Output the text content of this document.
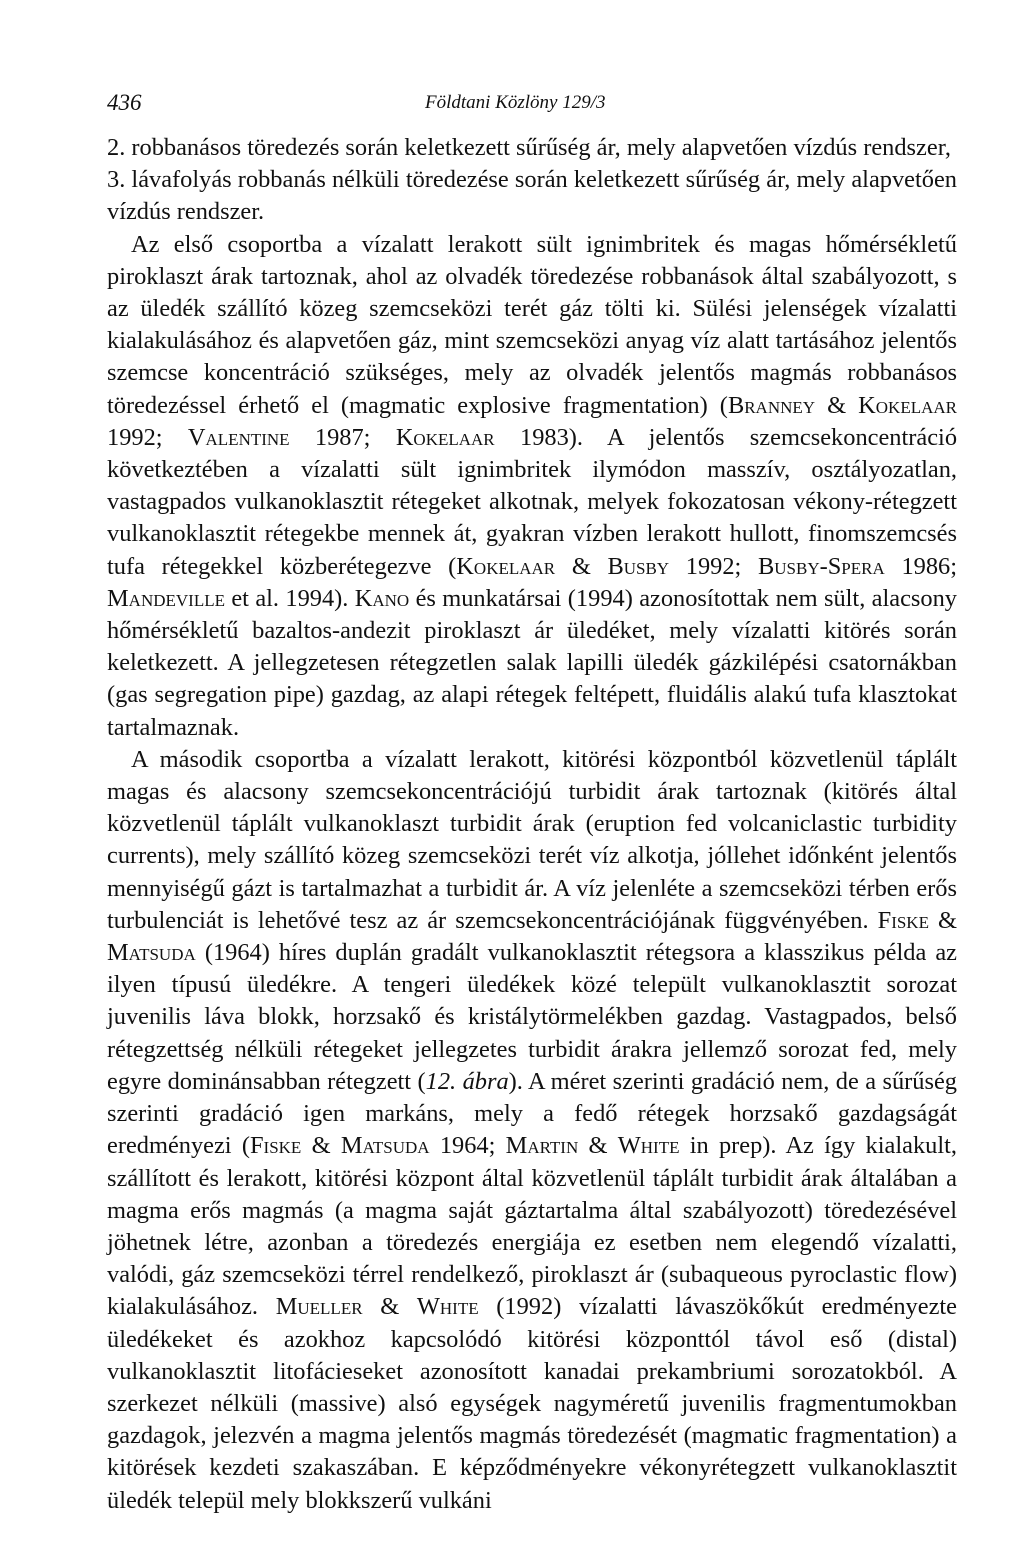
436	Földtani Közlöny 129/3

2. robbanásos töredezés során keletkezett sűrűség ár, mely alapvetően vízdús rendszer,

3. lávafolyás robbanás nélküli töredezése során keletkezett sűrűség ár, mely alapvetően vízdús rendszer.

Az első csoportba a vízalatt lerakott sült ignimbritek és magas hőmérsékletű piroklaszt árak tartoznak, ahol az olvadék töredezése robbanások által szabályozott, s az üledék szállító közeg szemcseközi terét gáz tölti ki. Sülési jelenségek vízalatti kialakulásához és alapvetően gáz, mint szemcseközi anyag víz alatt tartásához jelentős szemcse koncentráció szükséges, mely az olvadék jelentős magmás robbanásos töredezéssel érhető el (magmatic explosive fragmentation) (Branney & Kokelaar 1992; Valentine 1987; Kokelaar 1983). A jelentős szemcsekoncentráció következtében a vízalatti sült ignimbritek ilymódon masszív, osztályozatlan, vastagpados vulkanoklasztit rétegeket alkotnak, melyek fokozatosan vékony-rétegzett vulkanoklasztit rétegekbe mennek át, gyakran vízben lerakott hullott, finomszemcsés tufa rétegekkel közberétegezve (Kokelaar & Busby 1992; Busby-Spera 1986; Mandeville et al. 1994). Kano és munkatársai (1994) azonosítottak nem sült, alacsony hőmérsékletű bazaltos-andezit piroklaszt ár üledéket, mely vízalatti kitörés során keletkezett. A jellegzetesen rétegzetlen salak lapilli üledék gázkilépési csatornákban (gas segregation pipe) gazdag, az alapi rétegek feltépett, fluidális alakú tufa klasztokat tartalmaznak.

A második csoportba a vízalatt lerakott, kitörési központból közvetlenül táplált magas és alacsony szemcsekoncentrációjú turbidit árak tartoznak (kitörés által közvetlenül táplált vulkanoklaszt turbidit árak (eruption fed volcaniclastic turbidity currents), mely szállító közeg szemcseközi terét víz alkotja, jóllehet időnként jelentős mennyiségű gázt is tartalmazhat a turbidit ár. A víz jelenléte a szemcseközi térben erős turbulenciát is lehetővé tesz az ár szemcsekoncentrációjának függvényében. Fiske & Matsuda (1964) híres duplán gradált vulkanoklasztit rétegsora a klasszikus példa az ilyen típusú üledékre. A tengeri üledékek közé települt vulkanoklasztit sorozat juvenilis láva blokk, horzsakő és kristálytörmelékben gazdag. Vastagpados, belső rétegzettség nélküli rétegeket jellegzetes turbidit árakra jellemző sorozat fed, mely egyre dominánsabban rétegzett (12. ábra). A méret szerinti gradáció nem, de a sűrűség szerinti gradáció igen markáns, mely a fedő rétegek horzsakő gazdagságát eredményezi (Fiske & Matsuda 1964; Martin & White in prep). Az így kialakult, szállított és lerakott, kitörési központ által közvetlenül táplált turbidit árak általában a magma erős magmás (a magma saját gáztartalma által szabályozott) töredezésével jöhetnek létre, azonban a töredezés energiája ez esetben nem elegendő vízalatti, valódi, gáz szemcseközi térrel rendelkező, piroklaszt ár (subaqueous pyroclastic flow) kialakulásához. Mueller & White (1992) vízalatti lávaszökőkút eredményezte üledékeket és azokhoz kapcsolódó kitörési központtól távol eső (distal) vulkanoklasztit litofácieseket azonosított kanadai prekambriumi sorozatokból. A szerkezet nélküli (massive) alsó egységek nagyméretű juvenilis fragmentumokban gazdagok, jelezvén a magma jelentős magmás töredezését (magmatic fragmentation) a kitörések kezdeti szakaszában. E képződményekre vékonyrétegzett vulkanoklasztit üledék települ mely blokkszerű vulkáni
